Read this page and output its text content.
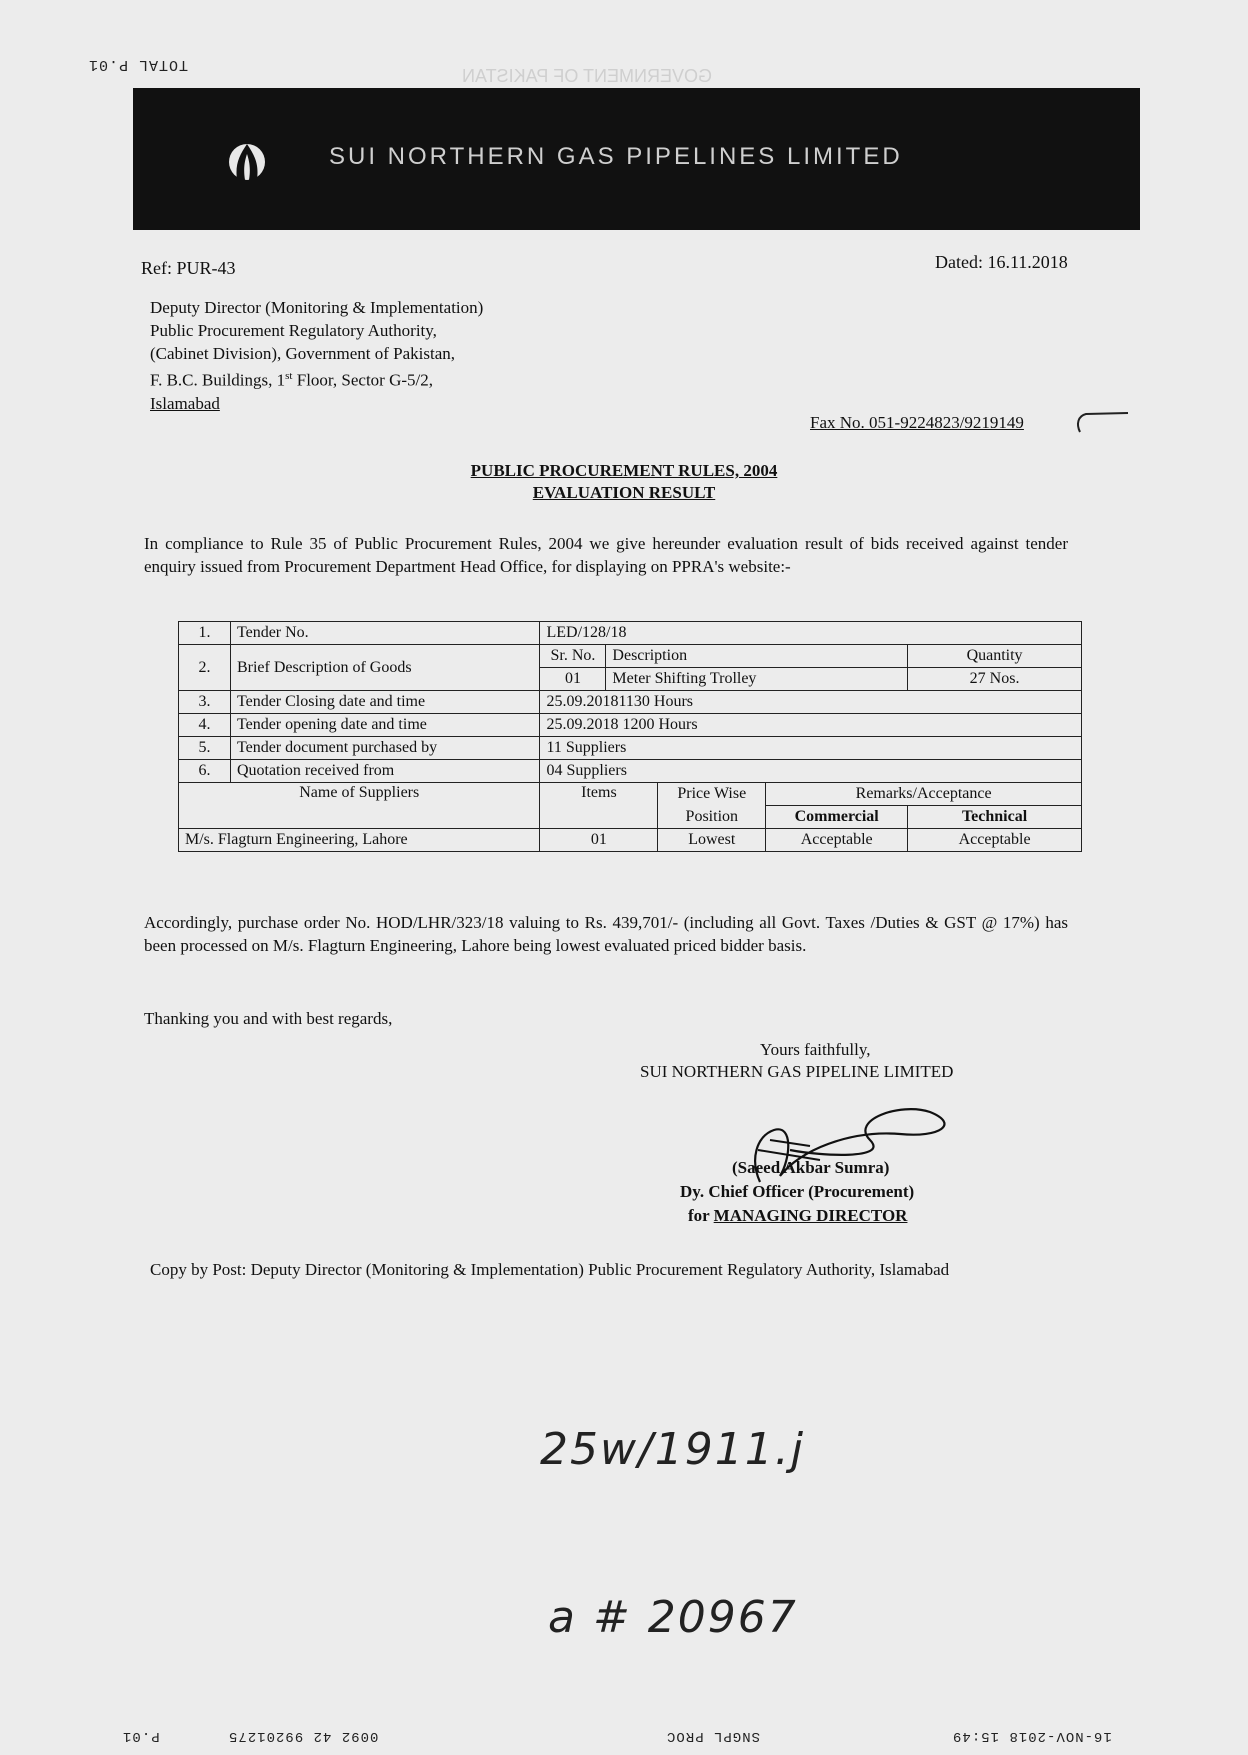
TOTAL P.01
GOVERNMENT OF PAKISTAN
SUI NORTHERN GAS PIPELINES LIMITED
Ref: PUR-43	Dated: 16.11.2018
Deputy Director (Monitoring & Implementation)
Public Procurement Regulatory Authority,
(Cabinet Division), Government of Pakistan,
F. B.C. Buildings, 1st Floor, Sector G-5/2,
Islamabad
Fax No. 051-9224823/9219149
PUBLIC PROCUREMENT RULES, 2004
EVALUATION RESULT
In compliance to Rule 35 of Public Procurement Rules, 2004 we give hereunder evaluation result of bids received against tender enquiry issued from Procurement Department Head Office, for displaying on PPRA's website:-
1.	Tender No.	LED/128/18				
2.	Brief Description of Goods	Sr. No.	Description			Quantity
		01	Meter Shifting Trolley			27 Nos.
3.	Tender Closing date and time	25.09.20181130 Hours				
4.	Tender opening date and time	25.09.2018 1200 Hours				
5.	Tender document purchased by	11 Suppliers				
6.	Quotation received from	04 Suppliers				
Name of Suppliers		Items		Price Wise	Remarks/Acceptance	
				Position	Commercial	Technical
M/s. Flagturn Engineering, Lahore		01		Lowest	Acceptable	Acceptable
Accordingly, purchase order No. HOD/LHR/323/18 valuing to Rs. 439,701/- (including all Govt. Taxes /Duties & GST @ 17%) has been processed on M/s. Flagturn Engineering, Lahore being lowest evaluated priced bidder basis.
Thanking you and with best regards,
Yours faithfully,
SUI NORTHERN GAS PIPELINE LIMITED
(Saeed Akbar Sumra)
Dy. Chief Officer (Procurement)
for MANAGING DIRECTOR
Copy by Post: Deputy Director (Monitoring & Implementation) Public Procurement Regulatory Authority, Islamabad
25w/1911.j
a # 20967
16-NOV-2018 15:49
SNGPL PROC
0092 42 99201275
P.01
